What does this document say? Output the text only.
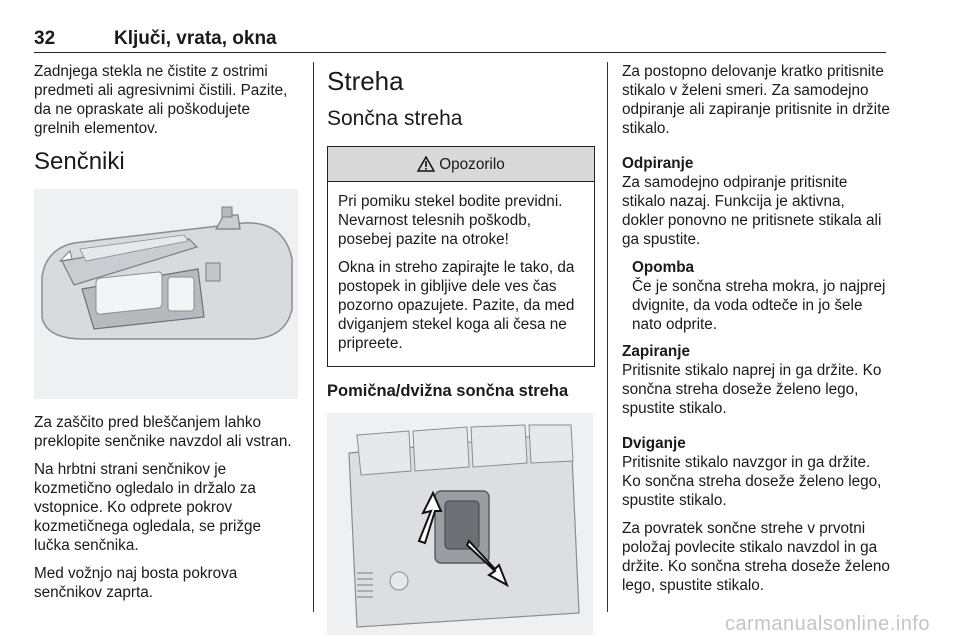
32	Ključi, vrata, okna

Zadnjega stekla ne čistite z ostrimi predmeti ali agresivnimi čistili. Pazite, da ne opraskate ali poškodujete grelnih elementov.

Senčniki

Za zaščito pred bleščanjem lahko preklopite senčnike navzdol ali vstran.

Na hrbtni strani senčnikov je kozmetično ogledalo in držalo za vstopnice. Ko odprete pokrov kozmetičnega ogledala, se prižge lučka senčnika.

Med vožnjo naj bosta pokrova senčnikov zaprta.

Streha
Sončna streha
Opozorilo

Pri pomiku stekel bodite previdni. Nevarnost telesnih poškodb, posebej pazite na otroke!

Okna in streho zapirajte le tako, da postopek in gibljive dele ves čas pozorno opazujete. Pazite, da med dviganjem stekel koga ali česa ne pripreete.

Pomična/dvižna sončna streha

Za postopno delovanje kratko pritisnite stikalo v želeni smeri. Za samodejno odpiranje ali zapiranje pritisnite in držite stikalo.

Odpiranje

Za samodejno odpiranje pritisnite stikalo nazaj. Funkcija je aktivna, dokler ponovno ne pritisnete stikala ali ga spustite.

Opomba

Če je sončna streha mokra, jo najprej dvignite, da voda odteče in jo šele nato odprite.

Zapiranje

Pritisnite stikalo naprej in ga držite. Ko sončna streha doseže želeno lego, spustite stikalo.

Dviganje

Pritisnite stikalo navzgor in ga držite. Ko sončna streha doseže želeno lego, spustite stikalo.

Za povratek sončne strehe v prvotni položaj povlecite stikalo navzdol in ga držite. Ko sončna streha doseže želeno lego, spustite stikalo.

carmanualsonline.info
